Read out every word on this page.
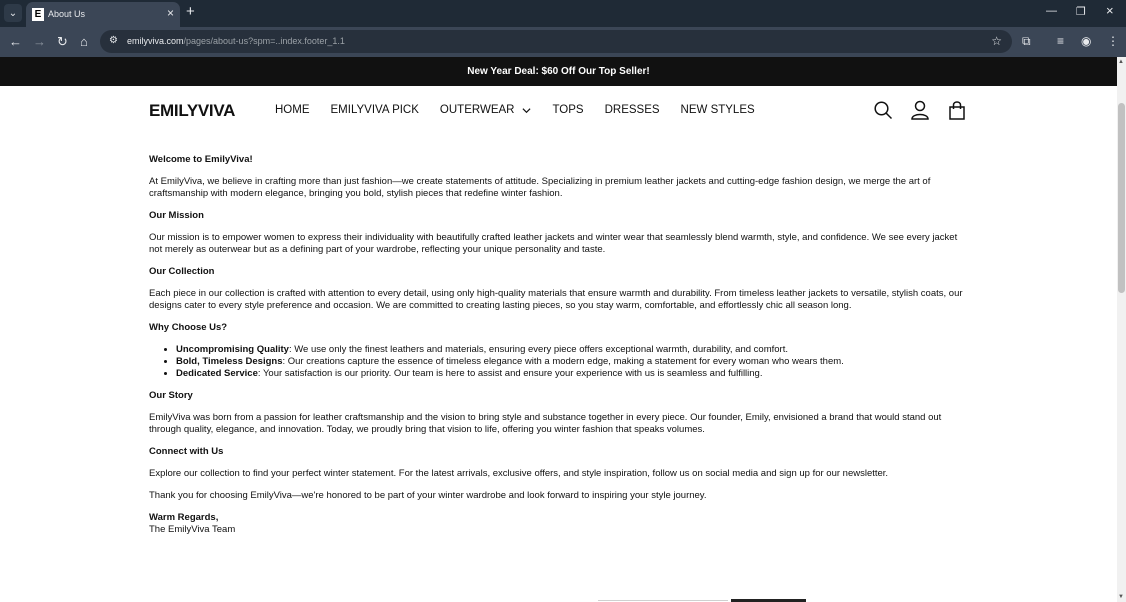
⌄	E About Us	× +	— ❐ ×
← → ↻ ⌂ ⚙ emilyviva.com/pages/about-us?spm=..index.footer_1.1	☆ ⧉ ≡ ◉ ⋮
New Year Deal: $60 Off Our Top Seller!
▲
▼
EMILYVIVA	HOME EMILYVIVA PICK OUTERWEAR	TOPS DRESSES NEW STYLES

Welcome to EmilyViva!

At EmilyViva, we believe in crafting more than just fashion—we create statements of attitude. Specializing in premium leather jackets and cutting-edge fashion design, we merge the art of craftsmanship with modern elegance, bringing you bold, stylish pieces that redefine winter fashion.

Our Mission

Our mission is to empower women to express their individuality with beautifully crafted leather jackets and winter wear that seamlessly blend warmth, style, and confidence. We see every jacket not merely as outerwear but as a defining part of your wardrobe, reflecting your unique personality and taste.

Our Collection

Each piece in our collection is crafted with attention to every detail, using only high-quality materials that ensure warmth and durability. From timeless leather jackets to versatile, stylish coats, our designs cater to every style preference and occasion. We are committed to creating lasting pieces, so you stay warm, comfortable, and effortlessly chic all season long.

Why Choose Us?
• Uncompromising Quality: We use only the finest leathers and materials, ensuring every piece offers exceptional warmth, durability, and comfort.
• Bold, Timeless Designs: Our creations capture the essence of timeless elegance with a modern edge, making a statement for every woman who wears them.
• Dedicated Service: Your satisfaction is our priority. Our team is here to assist and ensure your experience with us is seamless and fulfilling.
Our Story

EmilyViva was born from a passion for leather craftsmanship and the vision to bring style and substance together in every piece. Our founder, Emily, envisioned a brand that would stand out through quality, elegance, and innovation. Today, we proudly bring that vision to life, offering you winter fashion that speaks volumes.

Connect with Us

Explore our collection to find your perfect winter statement. For the latest arrivals, exclusive offers, and style inspiration, follow us on social media and sign up for our newsletter.

Thank you for choosing EmilyViva—we're honored to be part of your winter wardrobe and look forward to inspiring your style journey.

Warm Regards,
The EmilyViva Team
